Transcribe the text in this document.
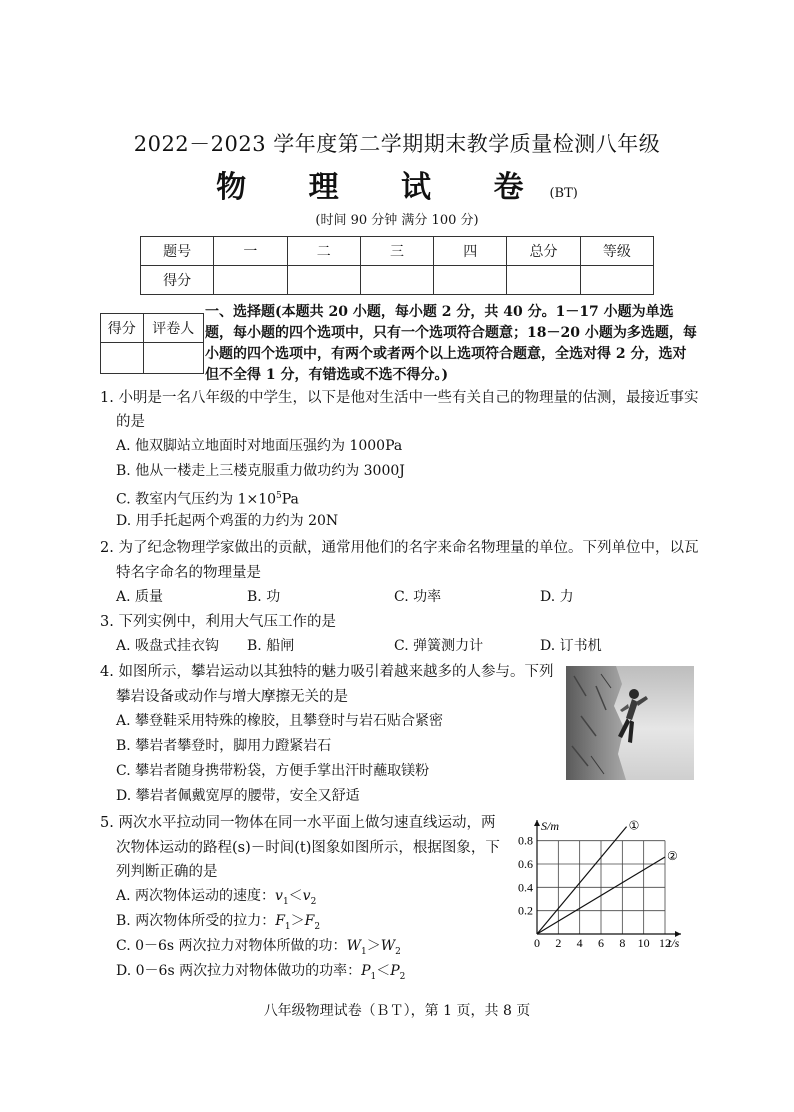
2022－2023 学年度第二学期期末教学质量检测八年级
物 理 试 卷(BT)
(时间 90 分钟 满分 100 分)
题号	一	二	三	四	总分	等级
得分						
得分	评卷人

一、选择题(本题共 20 小题，每小题 2 分，共 40 分。1－17 小题为单选题，每小题的四个选项中，只有一个选项符合题意；18－20 小题为多选题，每小题的四个选项中，有两个或者两个以上选项符合题意，全选对得 2 分，选对但不全得 1 分，有错选或不选不得分。)
1. 小明是一名八年级的中学生，以下是他对生活中一些有关自己的物理量的估测，最接近事实
的是
A. 他双脚站立地面时对地面压强约为 1000Pa
B. 他从一楼走上三楼克服重力做功约为 3000J
C. 教室内气压约为 $1\times 10^5Pa$
D. 用手托起两个鸡蛋的力约为 20N
2. 为了纪念物理学家做出的贡献，通常用他们的名字来命名物理量的单位。下列单位中，以瓦
特名字命名的物理量是
A. 质量	B. 功	C. 功率	D. 力
3. 下列实例中，利用大气压工作的是
A. 吸盘式挂衣钩 B. 船闸	C. 弹簧测力计	D. 订书机
4. 如图所示，攀岩运动以其独特的魅力吸引着越来越多的人参与。下列
攀岩设备或动作与增大摩擦无关的是
A. 攀登鞋采用特殊的橡胶，且攀登时与岩石贴合紧密
B. 攀岩者攀登时，脚用力蹬紧岩石
C. 攀岩者随身携带粉袋，方便手掌出汗时蘸取镁粉
D. 攀岩者佩戴宽厚的腰带，安全又舒适
5. 两次水平拉动同一物体在同一水平面上做匀速直线运动，两
次物体运动的路程(s)－时间(t)图象如图所示，根据图象，下
列判断正确的是
A. 两次物体运动的速度：$v_1<v_2$
B. 两次物体所受的拉力：$F_1>F_2$
C. 0－6s 两次拉力对物体所做的功：$W_1>W_2$
D. 0－6s 两次拉力对物体做功的功率：$P_1<P_2$
0 2 4 6 8 10 12
0.2
0.4
0.6
0.8
S/m
t/s
①
②
八年级物理试卷（ＢＴ），第 1 页，共 8 页
